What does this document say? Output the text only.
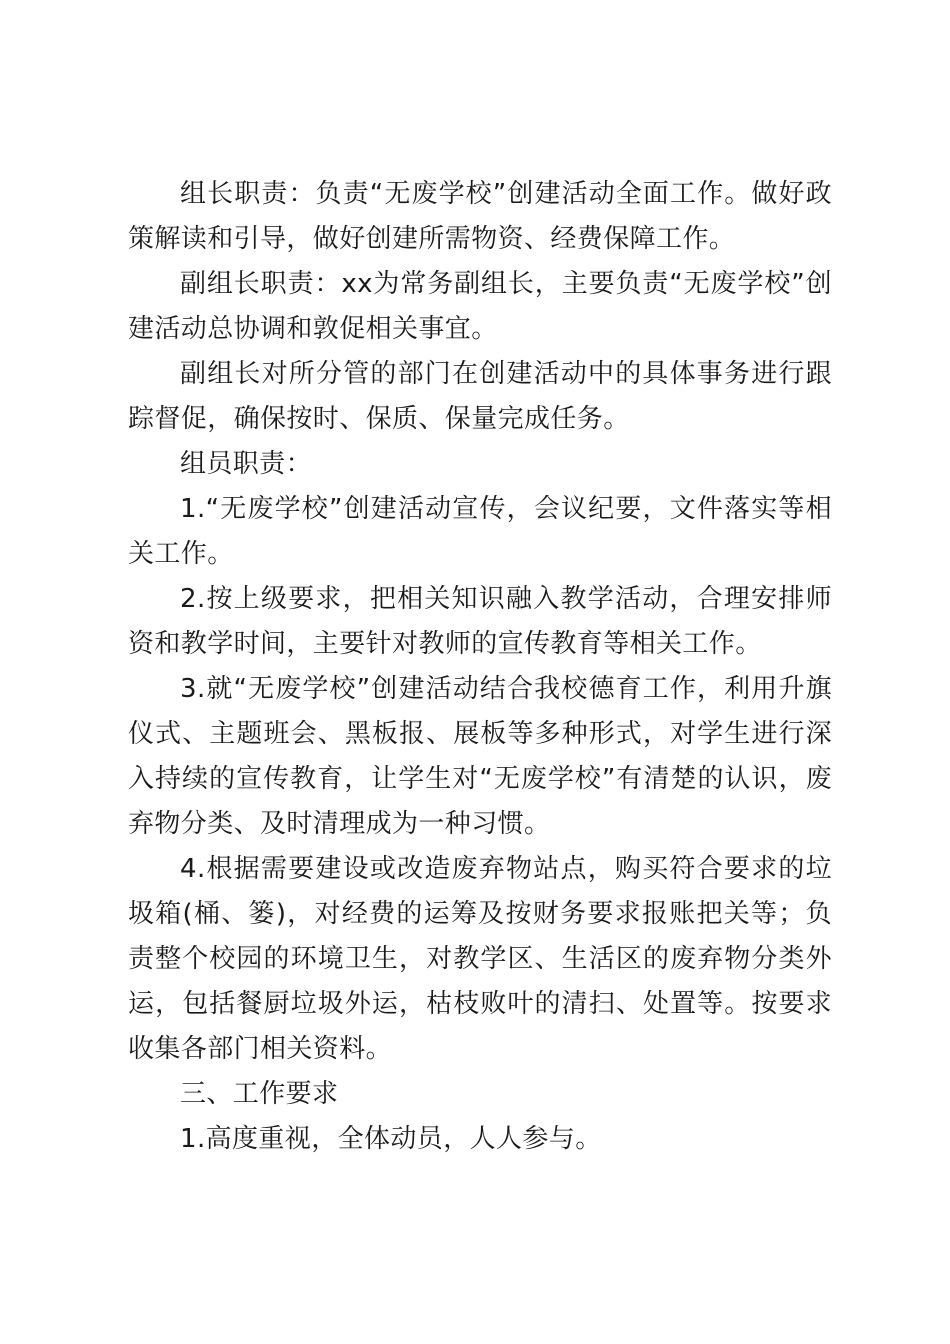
组长职责：负责“无废学校”创建活动全面工作。做好政策解读和引导，做好创建所需物资、经费保障工作。

副组长职责：xx为常务副组长，主要负责“无废学校”创建活动总协调和敦促相关事宜。

副组长对所分管的部门在创建活动中的具体事务进行跟踪督促，确保按时、保质、保量完成任务。

组员职责：

1.“无废学校”创建活动宣传，会议纪要，文件落实等相关工作。

2.按上级要求，把相关知识融入教学活动，合理安排师资和教学时间，主要针对教师的宣传教育等相关工作。

3.就“无废学校”创建活动结合我校德育工作，利用升旗仪式、主题班会、黑板报、展板等多种形式，对学生进行深入持续的宣传教育，让学生对“无废学校”有清楚的认识，废弃物分类、及时清理成为一种习惯。

4.根据需要建设或改造废弃物站点，购买符合要求的垃圾箱(桶、篓)，对经费的运筹及按财务要求报账把关等；负责整个校园的环境卫生，对教学区、生活区的废弃物分类外运，包括餐厨垃圾外运，枯枝败叶的清扫、处置等。按要求收集各部门相关资料。

三、工作要求

1.高度重视，全体动员，人人参与。
